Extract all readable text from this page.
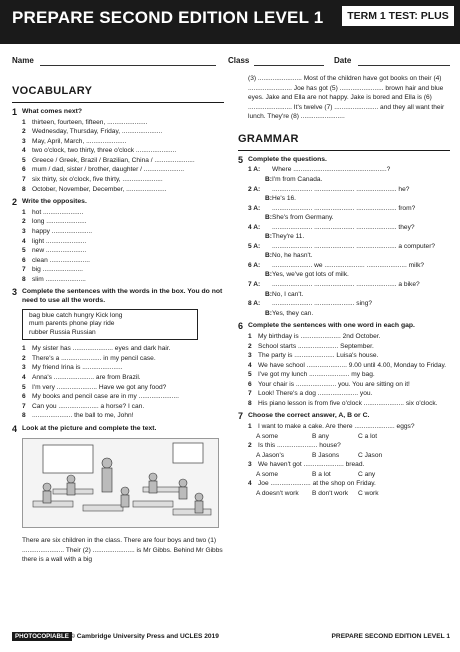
PREPARE SECOND EDITION LEVEL 1	TERM 1 TEST: PLUS
Name	Class	Date
VOCABULARY
1 What comes next?
1 thirteen, fourteen, fifteen, ......................
2 Wednesday, Thursday, Friday, ......................
3 May, April, March, ......................
4 two o'clock, two thirty, three o'clock ......................
5 Greece / Greek, Brazil / Brazilian, China / ......................
6 mum / dad, sister / brother, daughter / ......................
7 six thirty, six o'clock, five thirty, ......................
8 October, November, December, ......................
2 Write the opposites.
1 hot ......................
2 long ......................
3 happy ......................
4 light ......................
5 new ......................
6 clean ......................
7 big ......................
8 slim ......................
3 Complete the sentences with the words in the box. You do not need to use all the words.
bag blue catch hungry Kick long
mum parents phone play ride
rubber Russia Russian
1 My sister has ...................... eyes and dark hair.
2 There's a ...................... in my pencil case.
3 My friend Irina is ......................
4 Anna's ...................... are from Brazil.
5 I'm very ...................... Have we got any food?
6 My books and pencil case are in my ......................
7 Can you ...................... a horse? I can.
8 ...................... the ball to me, John!
4 Look at the picture and complete the text.
There are six children in the class. There are four boys and two (1) ....................... Their (2) ....................... is Mr Gibbs. Behind Mr Gibbs there is a wall with a big
(3) ........................ Most of the children have got books on their (4) ........................ Joe has got (5) ........................ brown hair and blue eyes. Jake and Ella are not happy. Jake is bored and Ella is (6) ........................ It's twelve (7) ........................ and they all want their lunch. They're (8) ........................
GRAMMAR
5 Complete the questions.
1 A:	Where ...................................................?
B: I'm from Canada.
2 A:	...................... ...................... ...................... he?
B: He's 16.
3 A:	...................... ...................... ...................... from?
B: She's from Germany.
4 A:	...................... ...................... ...................... they?
B: They're 11.
5 A:	...................... ...................... ...................... a computer?
B: No, he hasn't.
6 A:	...................... we ...................... ...................... milk?
B: Yes, we've got lots of milk.
7 A:	...................... ...................... ...................... a bike?
B: No, I can't.
8 A:	...................... ...................... sing?
B: Yes, they can.
6 Complete the sentences with one word in each gap.
1 My birthday is ...................... 2nd October.
2 School starts ...................... September.
3 The party is ...................... Luisa's house.
4 We have school ...................... 9.00 until 4.00, Monday to Friday.
5 I've got my lunch ...................... my bag.
6 Your chair is ...................... you. You are sitting on it!
7 Look! There's a dog ...................... you.
8 His piano lesson is from five o'clock ...................... six o'clock.
7 Choose the correct answer, A, B or C.
1 I want to make a cake. Are there ...................... eggs?
A some	B any	C a lot
2 Is this ...................... house?
A Jason's	B Jasons	C Jason
3 We haven't got ...................... bread.
A some	B a lot	C any
4 Joe ...................... at the shop on Friday.
A doesn't work	B don't work	C work
PHOTOCOPIABLE © Cambridge University Press and UCLES 2019	PREPARE SECOND EDITION LEVEL 1
